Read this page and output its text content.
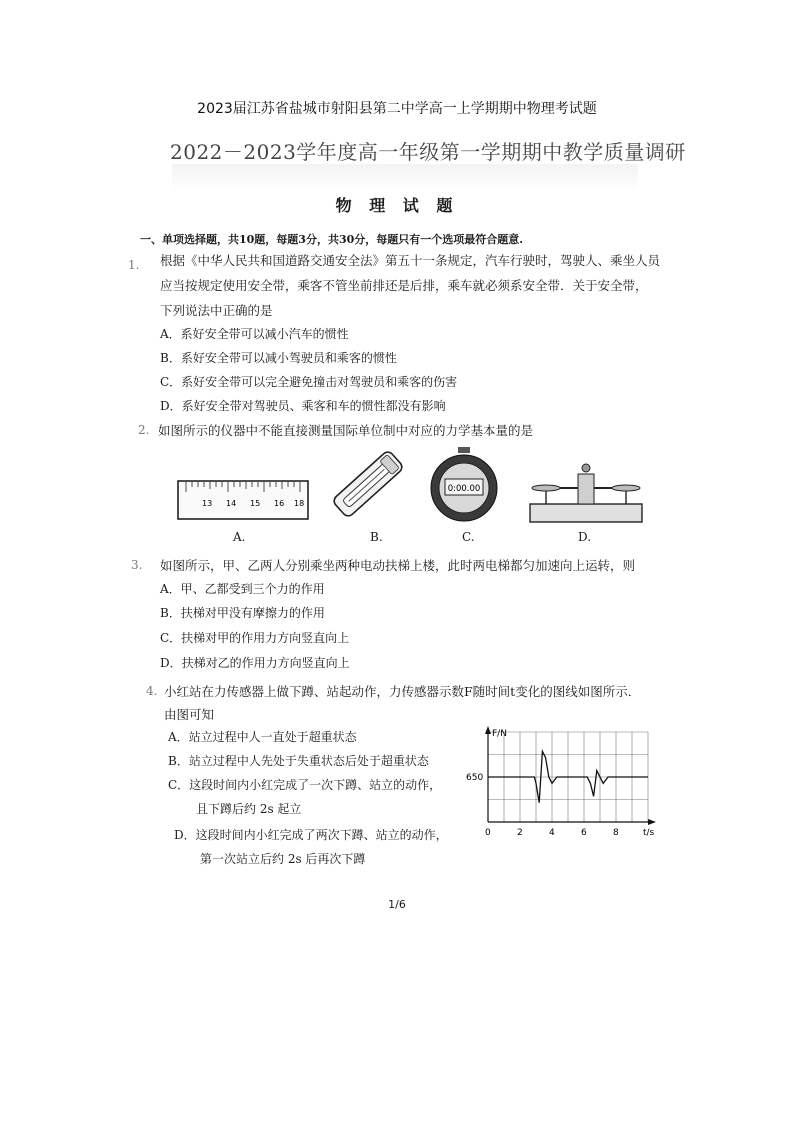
2023届江苏省盐城市射阳县第二中学高一上学期期中物理考试题
2022－2023学年度高一年级第一学期期中教学质量调研
物 理 试 题
一、单项选择题，共10题，每题3分，共30分，每题只有一个选项最符合题意.
1. 根据《中华人民共和国道路交通安全法》第五十一条规定，汽车行驶时，驾驶人、乘坐人员
应当按规定使用安全带，乘客不管坐前排还是后排，乘车就必须系安全带．关于安全带，
下列说法中正确的是
A．系好安全带可以减小汽车的惯性
B．系好安全带可以减小驾驶员和乘客的惯性
C．系好安全带可以完全避免撞击对驾驶员和乘客的伤害
D．系好安全带对驾驶员、乘客和车的惯性都没有影响
2. 如图所示的仪器中不能直接测量国际单位制中对应的力学基本量的是
13 14 15 16 18
0:00.00
A.	B.	C.	D.
3. 如图所示，甲、乙两人分别乘坐两种电动扶梯上楼，此时两电梯都匀加速向上运转，则
A．甲、乙都受到三个力的作用
B．扶梯对甲没有摩擦力的作用
C．扶梯对甲的作用力方向竖直向上
D．扶梯对乙的作用力方向竖直向上
4. 小红站在力传感器上做下蹲、站起动作，力传感器示数F随时间t变化的图线如图所示．
由图可知
A．站立过程中人一直处于超重状态
B．站立过程中人先处于失重状态后处于超重状态
C．这段时间内小红完成了一次下蹲、站立的动作，
且下蹲后约 2s 起立
D．这段时间内小红完成了两次下蹲、站立的动作，
第一次站立后约 2s 后再次下蹲
F/N
t/s
650
0	2	4	6	8
1/6
